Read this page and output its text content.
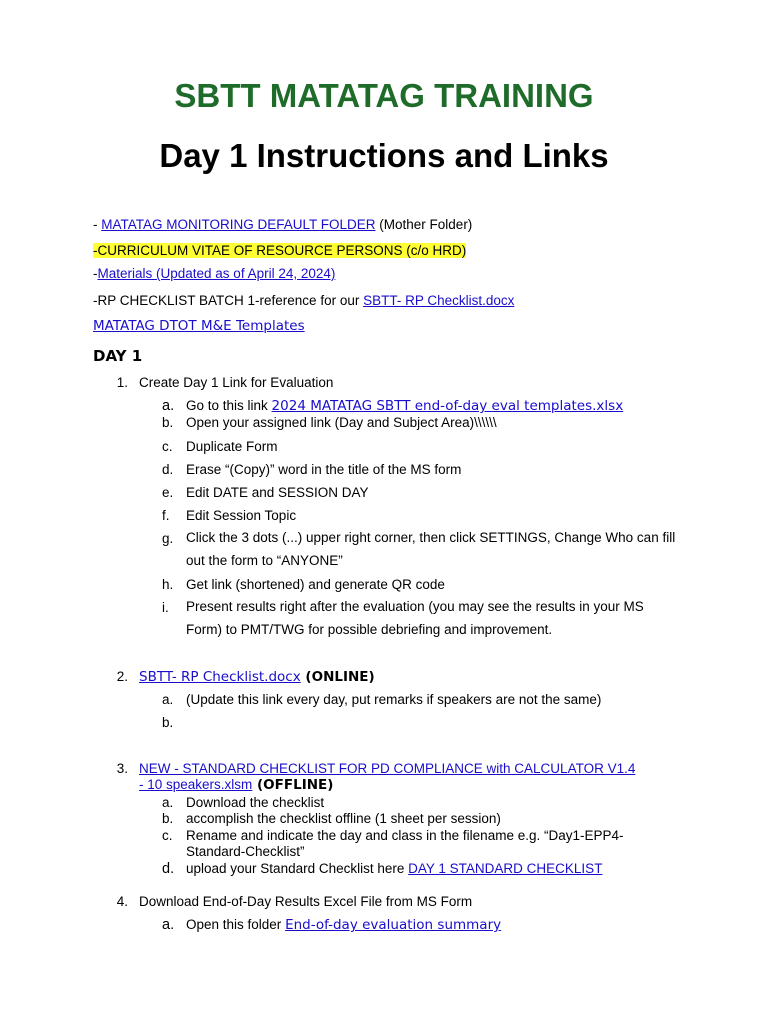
SBTT MATATAG TRAINING
Day 1 Instructions and Links
- MATATAG MONITORING DEFAULT FOLDER (Mother Folder)
-CURRICULUM VITAE OF RESOURCE PERSONS (c/o HRD)
-Materials (Updated as of April 24, 2024)
-RP CHECKLIST BATCH 1-reference for our SBTT- RP Checklist.docx
MATATAG DTOT M&E Templates
DAY 1
1. Create Day 1 Link for Evaluation
a. Go to this link 2024 MATATAG SBTT end-of-day eval templates.xlsx
b. Open your assigned link (Day and Subject Area)\\\\\\
c. Duplicate Form
d. Erase “(Copy)” word in the title of the MS form
e. Edit DATE and SESSION DAY
f.	Edit Session Topic
g. Click the 3 dots (...) upper right corner, then click SETTINGS, Change Who can fill out the form to “ANYONE”
h. Get link (shortened) and generate QR code
i.	Present results right after the evaluation (you may see the results in your MS Form) to PMT/TWG for possible debriefing and improvement.
2. SBTT- RP Checklist.docx (ONLINE)
a. (Update this link every day, put remarks if speakers are not the same)
b.
3. NEW - STANDARD CHECKLIST FOR PD COMPLIANCE with CALCULATOR V1.4
- 10 speakers.xlsm (OFFLINE)
a. Download the checklist
b. accomplish the checklist offline (1 sheet per session)
c. Rename and indicate the day and class in the filename e.g. “Day1-EPP4-Standard-Checklist”
d. upload your Standard Checklist here DAY 1 STANDARD CHECKLIST
4. Download End-of-Day Results Excel File from MS Form
a. Open this folder End-of-day evaluation summary
